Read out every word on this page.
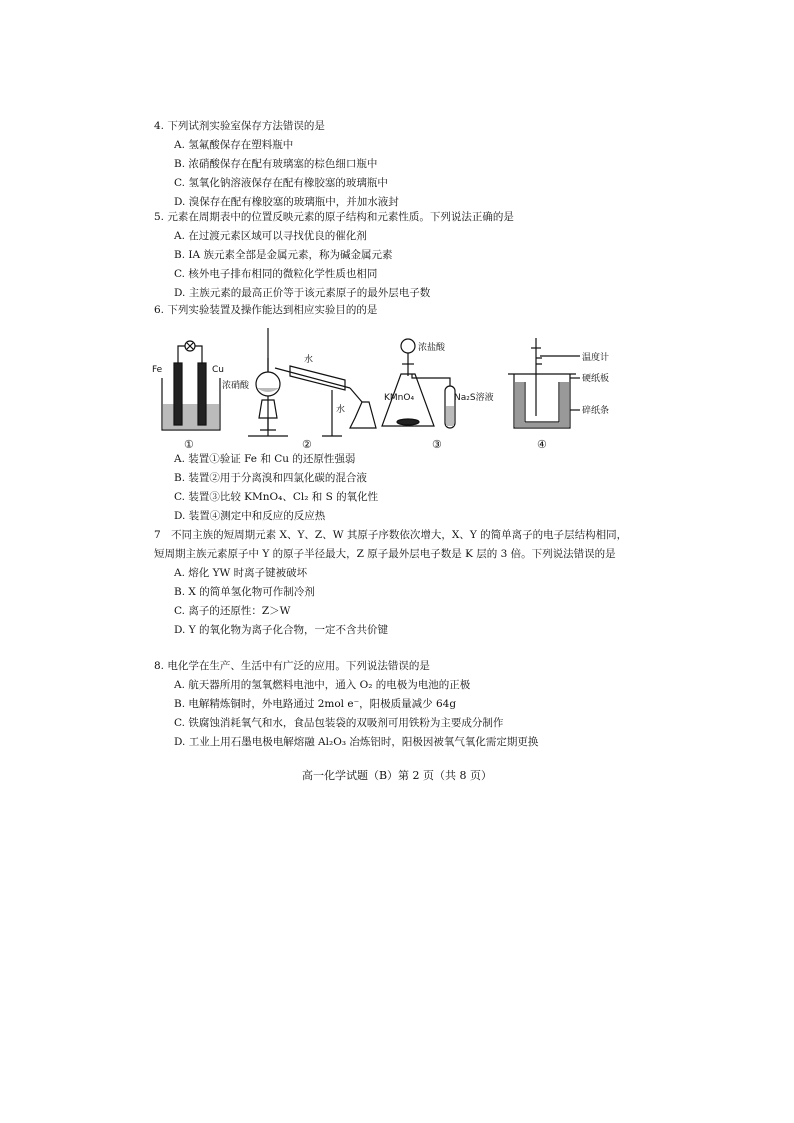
4. 下列试剂实验室保存方法错误的是
A. 氢氟酸保存在塑料瓶中
B. 浓硝酸保存在配有玻璃塞的棕色细口瓶中
C. 氢氧化钠溶液保存在配有橡胶塞的玻璃瓶中
D. 溴保存在配有橡胶塞的玻璃瓶中，并加水液封
5. 元素在周期表中的位置反映元素的原子结构和元素性质。下列说法正确的是
A. 在过渡元素区域可以寻找优良的催化剂
B. IA 族元素全部是金属元素，称为碱金属元素
C. 核外电子排布相同的微粒化学性质也相同
D. 主族元素的最高正价等于该元素原子的最外层电子数
6. 下列实验装置及操作能达到相应实验目的的是
Fe	Cu
浓硝酸
水
水
浓盐酸
KMnO₄	Na₂S溶液
温度计
硬纸板
碎纸条
①	②	③	④
A. 装置①验证 Fe 和 Cu 的还原性强弱
B. 装置②用于分离溴和四氯化碳的混合液
C. 装置③比较 KMnO₄、Cl₂ 和 S 的氧化性
D. 装置④测定中和反应的反应热
7　不同主族的短周期元素 X、Y、Z、W 其原子序数依次增大，X、Y 的简单离子的电子层结构相同，短周期主族元素原子中 Y 的原子半径最大，Z 原子最外层电子数是 K 层的 3 倍。下列说法错误的是
A. 熔化 YW 时离子键被破坏
B. X 的简单氢化物可作制冷剂
C. 离子的还原性：Z＞W
D. Y 的氧化物为离子化合物，一定不含共价键
8. 电化学在生产、生活中有广泛的应用。下列说法错误的是
A. 航天器所用的氢氧燃料电池中，通入 O₂ 的电极为电池的正极
B. 电解精炼铜时，外电路通过 2mol e⁻，阳极质量减少 64g
C. 铁腐蚀消耗氧气和水，食品包装袋的双吸剂可用铁粉为主要成分制作
D. 工业上用石墨电极电解熔融 Al₂O₃ 冶炼铝时，阳极因被氧气氧化需定期更换
高一化学试题（B）第 2 页（共 8 页）
